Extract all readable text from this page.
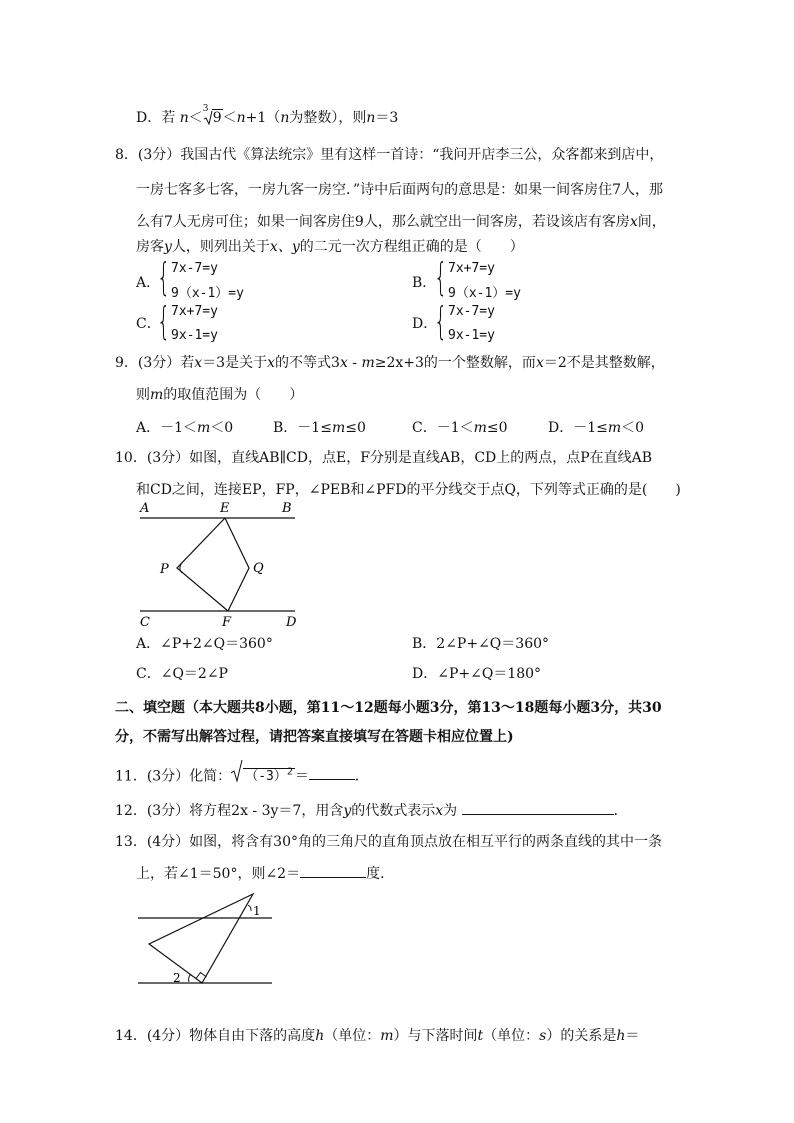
D．若 n＜
3
9
＜n+1（n为整数），则n＝3
8．(3分）我国古代《算法统宗》里有这样一首诗：“我问开店李三公，众客都来到店中，
一房七客多七客，一房九客一房空．”诗中后面两句的意思是：如果一间客房住7人，那
么有7人无房可住；如果一间客房住9人，那么就空出一间客房，若设该店有客房x间，
房客y人，则列出关于x、y的二元一次方程组正确的是（　　）
A．
{ 7x-7=y
9（x-1）=y
B．
{ 7x+7=y
9（x-1）=y
C．
{ 7x+7=y
9x-1=y
D．
{ 7x-7=y
9x-1=y
9．(3分）若x＝3是关于x的不等式3x - m≥2x+3的一个整数解，而x＝2不是其整数解，
则m的取值范围为（　　）
A．－1＜m＜0	B．－1≤m≤0	C．－1＜m≤0	D．－1≤m＜0
10．(3分）如图，直线AB∥CD，点E，F分别是直线AB，CD上的两点，点P在直线AB
和CD之间，连接EP，FP，∠PEB和∠PFD的平分线交于点Q，下列等式正确的是(　　)
A	E	B
P	Q
C	F	D
A．∠P+2∠Q＝360°	B．2∠P+∠Q＝360°
C．∠Q＝2∠P	D．∠P+∠Q＝180°
二、填空题（本大题共8小题，第11～12题每小题3分，第13～18题每小题3分，共30
分，不需写出解答过程，请把答案直接填写在答题卡相应位置上)
11．(3分）化简： $(-3)^2$ ＝	．
12．(3分）将方程2x - 3y＝7，用含y的代数式表示x为	．
13．(4分）如图，将含有30°角的三角尺的直角顶点放在相互平行的两条直线的其中一条
上，若∠1＝50°，则∠2＝	度．
1
2
14．(4分）物体自由下落的高度h（单位：m）与下落时间t（单位：s）的关系是h＝
